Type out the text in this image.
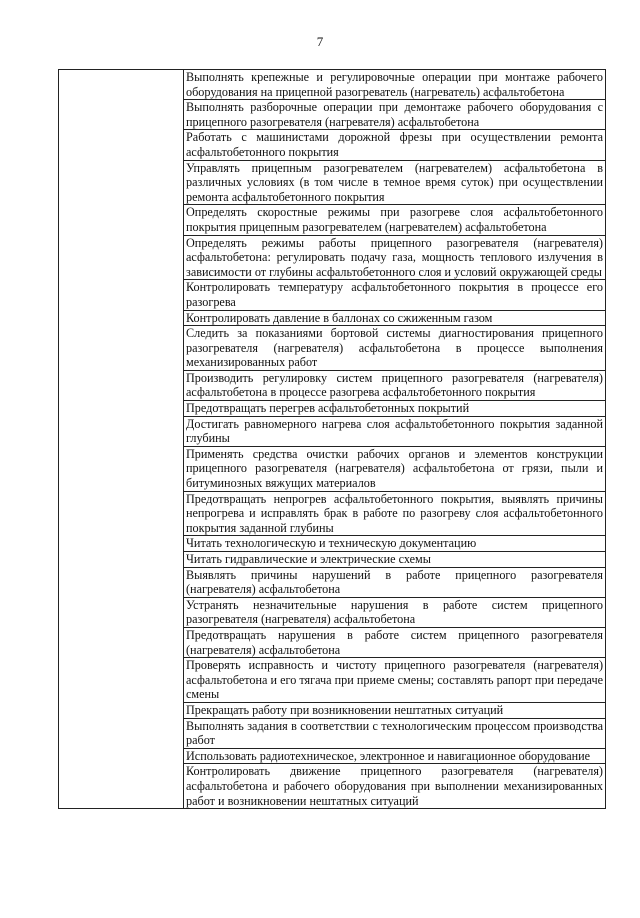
7
	Выполнять крепежные и регулировочные операции при монтаже рабочего оборудования на прицепной разогреватель (нагреватель) асфальтобетона
Выполнять разборочные операции при демонтаже рабочего оборудования с прицепного разогревателя (нагревателя) асфальтобетона
Работать с машинистами дорожной фрезы при осуществлении ремонта асфальтобетонного покрытия
Управлять прицепным разогревателем (нагревателем) асфальтобетона в различных условиях (в том числе в темное время суток) при осуществлении ремонта асфальтобетонного покрытия
Определять скоростные режимы при разогреве слоя асфальтобетонного покрытия прицепным разогревателем (нагревателем) асфальтобетона
Определять режимы работы прицепного разогревателя (нагревателя) асфальтобетона: регулировать подачу газа, мощность теплового излучения в зависимости от глубины асфальтобетонного слоя и условий окружающей среды
Контролировать температуру асфальтобетонного покрытия в процессе его разогрева
Контролировать давление в баллонах со сжиженным газом
Следить за показаниями бортовой системы диагностирования прицепного разогревателя (нагревателя) асфальтобетона в процессе выполнения механизированных работ
Производить регулировку систем прицепного разогревателя (нагревателя) асфальтобетона в процессе разогрева асфальтобетонного покрытия
Предотвращать перегрев асфальтобетонных покрытий
Достигать равномерного нагрева слоя асфальтобетонного покрытия заданной глубины
Применять средства очистки рабочих органов и элементов конструкции прицепного разогревателя (нагревателя) асфальтобетона от грязи, пыли и битуминозных вяжущих материалов
Предотвращать непрогрев асфальтобетонного покрытия, выявлять причины непрогрева и исправлять брак в работе по разогреву слоя асфальтобетонного покрытия заданной глубины
Читать технологическую и техническую документацию
Читать гидравлические и электрические схемы
Выявлять причины нарушений в работе прицепного разогревателя (нагревателя) асфальтобетона
Устранять незначительные нарушения в работе систем прицепного разогревателя (нагревателя) асфальтобетона
Предотвращать нарушения в работе систем прицепного разогревателя (нагревателя) асфальтобетона
Проверять исправность и чистоту прицепного разогревателя (нагревателя) асфальтобетона и его тягача при приеме смены; составлять рапорт при передаче смены
Прекращать работу при возникновении нештатных ситуаций
Выполнять задания в соответствии с технологическим процессом производства работ
Использовать радиотехническое, электронное и навигационное оборудование
Контролировать движение прицепного разогревателя (нагревателя) асфальтобетона и рабочего оборудования при выполнении механизированных работ и возникновении нештатных ситуаций
